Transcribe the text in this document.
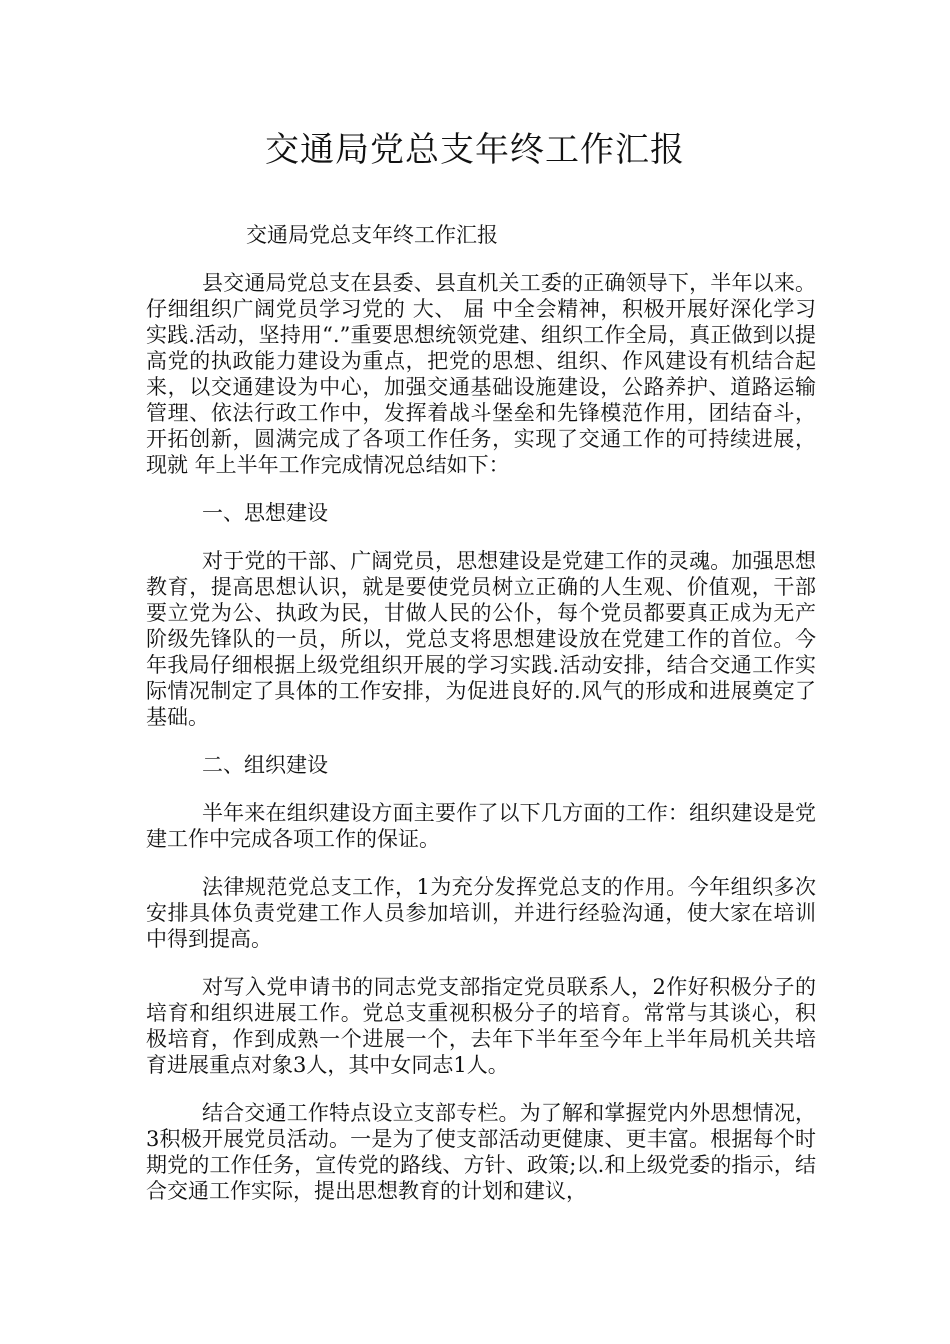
交通局党总支年终工作汇报

交通局党总支年终工作汇报

县交通局党总支在县委、县直机关工委的正确领导下，半年以来。仔细组织广阔党员学习党的 大、 届 中全会精神，积极开展好深化学习实践.活动，坚持用“.”重要思想统领党建、组织工作全局，真正做到以提高党的执政能力建设为重点，把党的思想、组织、作风建设有机结合起来，以交通建设为中心，加强交通基础设施建设，公路养护、道路运输管理、依法行政工作中，发挥着战斗堡垒和先锋模范作用，团结奋斗，开拓创新，圆满完成了各项工作任务，实现了交通工作的可持续进展，现就 年上半年工作完成情况总结如下：

一、思想建设

对于党的干部、广阔党员，思想建设是党建工作的灵魂。加强思想教育，提高思想认识，就是要使党员树立正确的人生观、价值观，干部要立党为公、执政为民，甘做人民的公仆，每个党员都要真正成为无产阶级先锋队的一员，所以，党总支将思想建设放在党建工作的首位。今年我局仔细根据上级党组织开展的学习实践.活动安排，结合交通工作实际情况制定了具体的工作安排，为促进良好的.风气的形成和进展奠定了基础。

二、组织建设

半年来在组织建设方面主要作了以下几方面的工作：组织建设是党建工作中完成各项工作的保证。

法律规范党总支工作，1为充分发挥党总支的作用。今年组织多次安排具体负责党建工作人员参加培训，并进行经验沟通，使大家在培训中得到提高。

对写入党申请书的同志党支部指定党员联系人，2作好积极分子的培育和组织进展工作。党总支重视积极分子的培育。常常与其谈心，积极培育，作到成熟一个进展一个，去年下半年至今年上半年局机关共培育进展重点对象3人，其中女同志1人。

结合交通工作特点设立支部专栏。为了解和掌握党内外思想情况，3积极开展党员活动。一是为了使支部活动更健康、更丰富。根据每个时期党的工作任务，宣传党的路线、方针、政策;以.和上级党委的指示，结合交通工作实际，提出思想教育的计划和建议，
